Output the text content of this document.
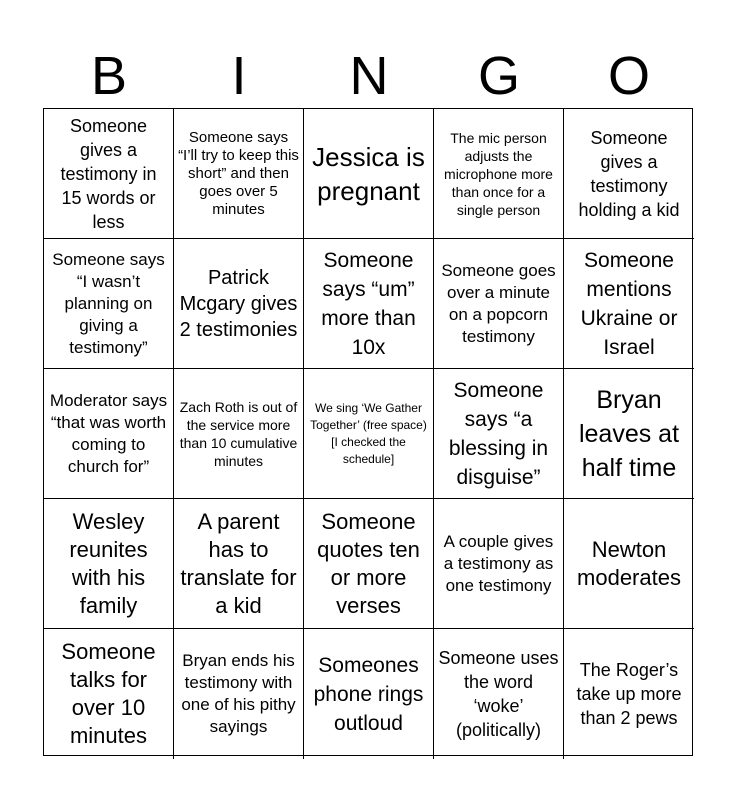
B	I	N	G	O
Someone gives a testimony in 15 words or less
Someone says “I’ll try to keep this short” and then goes over 5 minutes
Jessica is pregnant
The mic person adjusts the microphone more than once for a single person
Someone gives a testimony holding a kid
Someone says “I wasn’t planning on giving a testimony”
Patrick Mcgary gives 2 testimonies
Someone says “um” more than 10x
Someone goes over a minute on a popcorn testimony
Someone mentions Ukraine or Israel
Moderator says “that was worth coming to church for”
Zach Roth is out of the service more than 10 cumulative minutes
We sing ‘We Gather Together’ (free space)[I checked the schedule]
Someone says “a blessing in disguise”
Bryan leaves at half time
Wesley reunites with his family
A parent has to translate for a kid
Someone quotes ten or more verses
A couple gives a testimony as one testimony
Newton moderates
Someone talks for over 10 minutes
Bryan ends his testimony with one of his pithy sayings
Someones phone rings outloud
Someone uses the word ‘woke’ (politically)
The Roger’s take up more than 2 pews
